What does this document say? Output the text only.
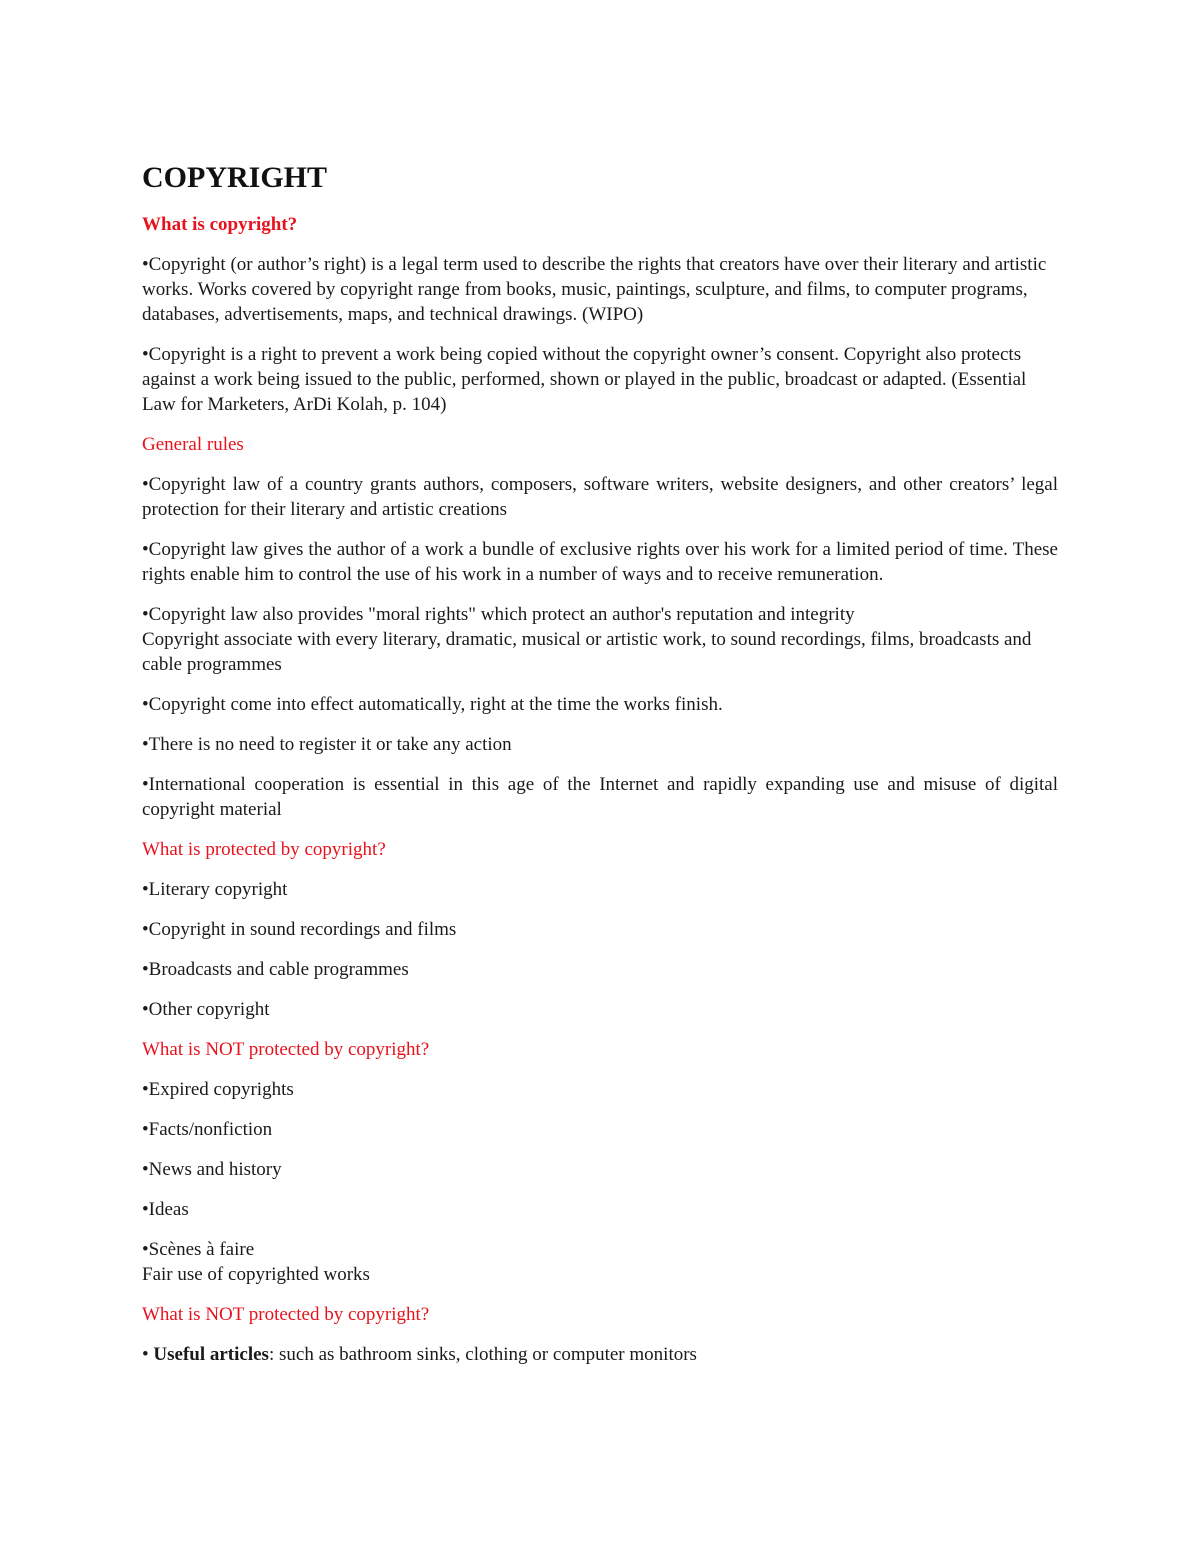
COPYRIGHT
What is copyright?
•Copyright (or author’s right) is a legal term used to describe the rights that creators have over their literary and artistic works. Works covered by copyright range from books, music, paintings, sculpture, and films, to computer programs, databases, advertisements, maps, and technical drawings. (WIPO)
•Copyright is a right to prevent a work being copied without the copyright owner’s consent. Copyright also protects against a work being issued to the public, performed, shown or played in the public, broadcast or adapted. (Essential Law for Marketers, ArDi Kolah, p. 104)
General rules
•Copyright law of a country grants authors, composers, software writers, website designers, and other creators’ legal protection for their literary and artistic creations
•Copyright law gives the author of a work a bundle of exclusive rights over his work for a limited period of time. These rights enable him to control the use of his work in a number of ways and to receive remuneration.
•Copyright law also provides "moral rights" which protect an author's reputation and integrity
Copyright associate with every literary, dramatic, musical or artistic work, to sound recordings, films, broadcasts and cable programmes
•Copyright come into effect automatically, right at the time the works finish.
•There is no need to register it or take any action
•International cooperation is essential in this age of the Internet and rapidly expanding use and misuse of digital copyright material
What is protected by copyright?
•Literary copyright
•Copyright in sound recordings and films
•Broadcasts and cable programmes
•Other copyright
What is NOT protected by copyright?
•Expired copyrights
•Facts/nonfiction
•News and history
•Ideas
•Scènes à faire
Fair use of copyrighted works
What is NOT protected by copyright?
• Useful articles: such as bathroom sinks, clothing or computer monitors
